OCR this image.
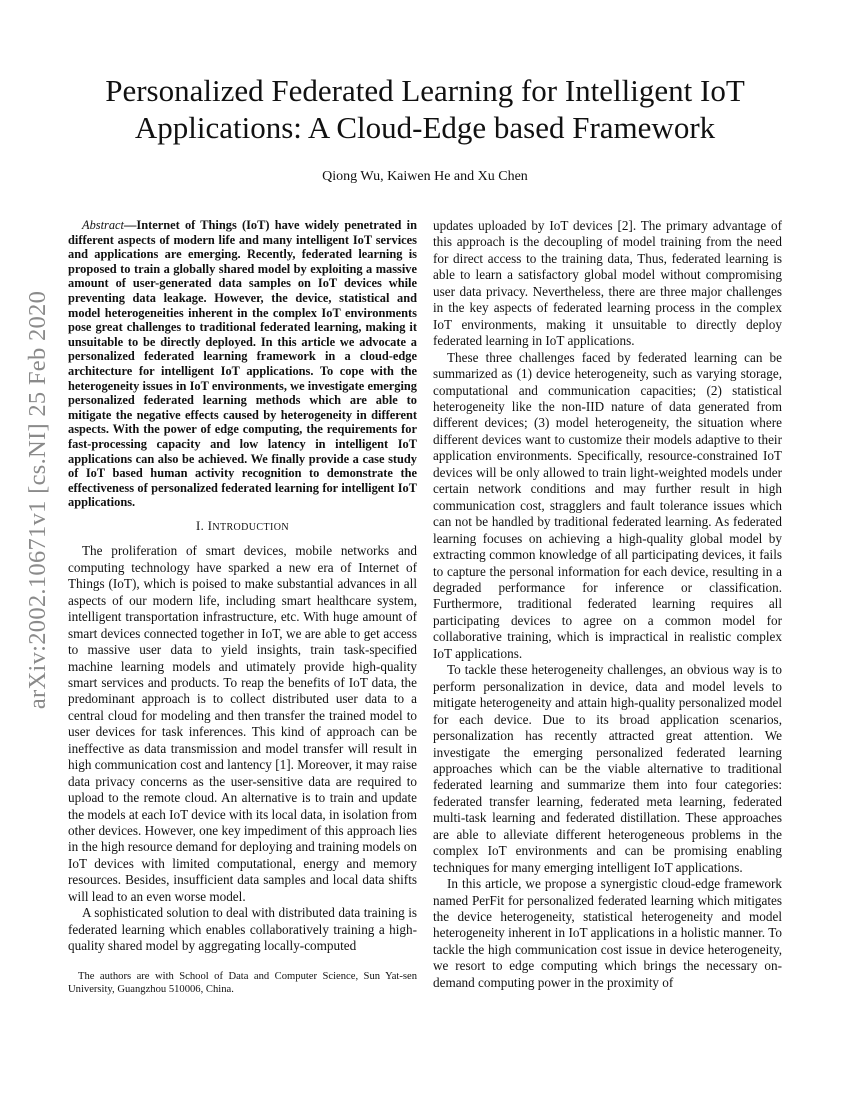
arXiv:2002.10671v1 [cs.NI] 25 Feb 2020
Personalized Federated Learning for Intelligent IoT
Applications: A Cloud-Edge based Framework
Qiong Wu, Kaiwen He and Xu Chen

Abstract—Internet of Things (IoT) have widely penetrated in different aspects of modern life and many intelligent IoT services and applications are emerging. Recently, federated learning is proposed to train a globally shared model by exploiting a massive amount of user-generated data samples on IoT devices while preventing data leakage. However, the device, statistical and model heterogeneities inherent in the complex IoT environments pose great challenges to traditional federated learning, making it unsuitable to be directly deployed. In this article we advocate a personalized federated learning framework in a cloud-edge architecture for intelligent IoT applications. To cope with the heterogeneity issues in IoT environments, we investigate emerging personalized federated learning methods which are able to mitigate the negative effects caused by heterogeneity in different aspects. With the power of edge computing, the requirements for fast-processing capacity and low latency in intelligent IoT applications can also be achieved. We finally provide a case study of IoT based human activity recognition to demonstrate the effectiveness of personalized federated learning for intelligent IoT applications.

I. INTRODUCTION

The proliferation of smart devices, mobile networks and computing technology have sparked a new era of Internet of Things (IoT), which is poised to make substantial advances in all aspects of our modern life, including smart healthcare system, intelligent transportation infrastructure, etc. With huge amount of smart devices connected together in IoT, we are able to get access to massive user data to yield insights, train task-specified machine learning models and utimately provide high-quality smart services and products. To reap the benefits of IoT data, the predominant approach is to collect distributed user data to a central cloud for modeling and then transfer the trained model to user devices for task inferences. This kind of approach can be ineffective as data transmission and model transfer will result in high communication cost and lantency [1]. Moreover, it may raise data privacy concerns as the user-sensitive data are required to upload to the remote cloud. An alternative is to train and update the models at each IoT device with its local data, in isolation from other devices. However, one key impediment of this approach lies in the high resource demand for deploying and training models on IoT devices with limited computational, energy and memory resources. Besides, insufficient data samples and local data shifts will lead to an even worse model.

A sophisticated solution to deal with distributed data training is federated learning which enables collaboratively training a high-quality shared model by aggregating locally-computed

updates uploaded by IoT devices [2]. The primary advantage of this approach is the decoupling of model training from the need for direct access to the training data, Thus, federated learning is able to learn a satisfactory global model without compromising user data privacy. Nevertheless, there are three major challenges in the key aspects of federated learning process in the complex IoT environments, making it unsuitable to directly deploy federated learning in IoT applications.

These three challenges faced by federated learning can be summarized as (1) device heterogeneity, such as varying storage, computational and communication capacities; (2) statistical heterogeneity like the non-IID nature of data generated from different devices; (3) model heterogeneity, the situation where different devices want to customize their models adaptive to their application environments. Specifically, resource-constrained IoT devices will be only allowed to train light-weighted models under certain network conditions and may further result in high communication cost, stragglers and fault tolerance issues which can not be handled by traditional federated learning. As federated learning focuses on achieving a high-quality global model by extracting common knowledge of all participating devices, it fails to capture the personal information for each device, resulting in a degraded performance for inference or classification. Furthermore, traditional federated learning requires all participating devices to agree on a common model for collaborative training, which is impractical in realistic complex IoT applications.

To tackle these heterogeneity challenges, an obvious way is to perform personalization in device, data and model levels to mitigate heterogeneity and attain high-quality personalized model for each device. Due to its broad application scenarios, personalization has recently attracted great attention. We investigate the emerging personalized federated learning approaches which can be the viable alternative to traditional federated learning and summarize them into four categories: federated transfer learning, federated meta learning, federated multi-task learning and federated distillation. These approaches are able to alleviate different heterogeneous problems in the complex IoT environments and can be promising enabling techniques for many emerging intelligent IoT applications.

In this article, we propose a synergistic cloud-edge framework named PerFit for personalized federated learning which mitigates the device heterogeneity, statistical heterogeneity and model heterogeneity inherent in IoT applications in a holistic manner. To tackle the high communication cost issue in device heterogeneity, we resort to edge computing which brings the necessary on-demand computing power in the proximity of

The authors are with School of Data and Computer Science, Sun Yat-sen University, Guangzhou 510006, China.
